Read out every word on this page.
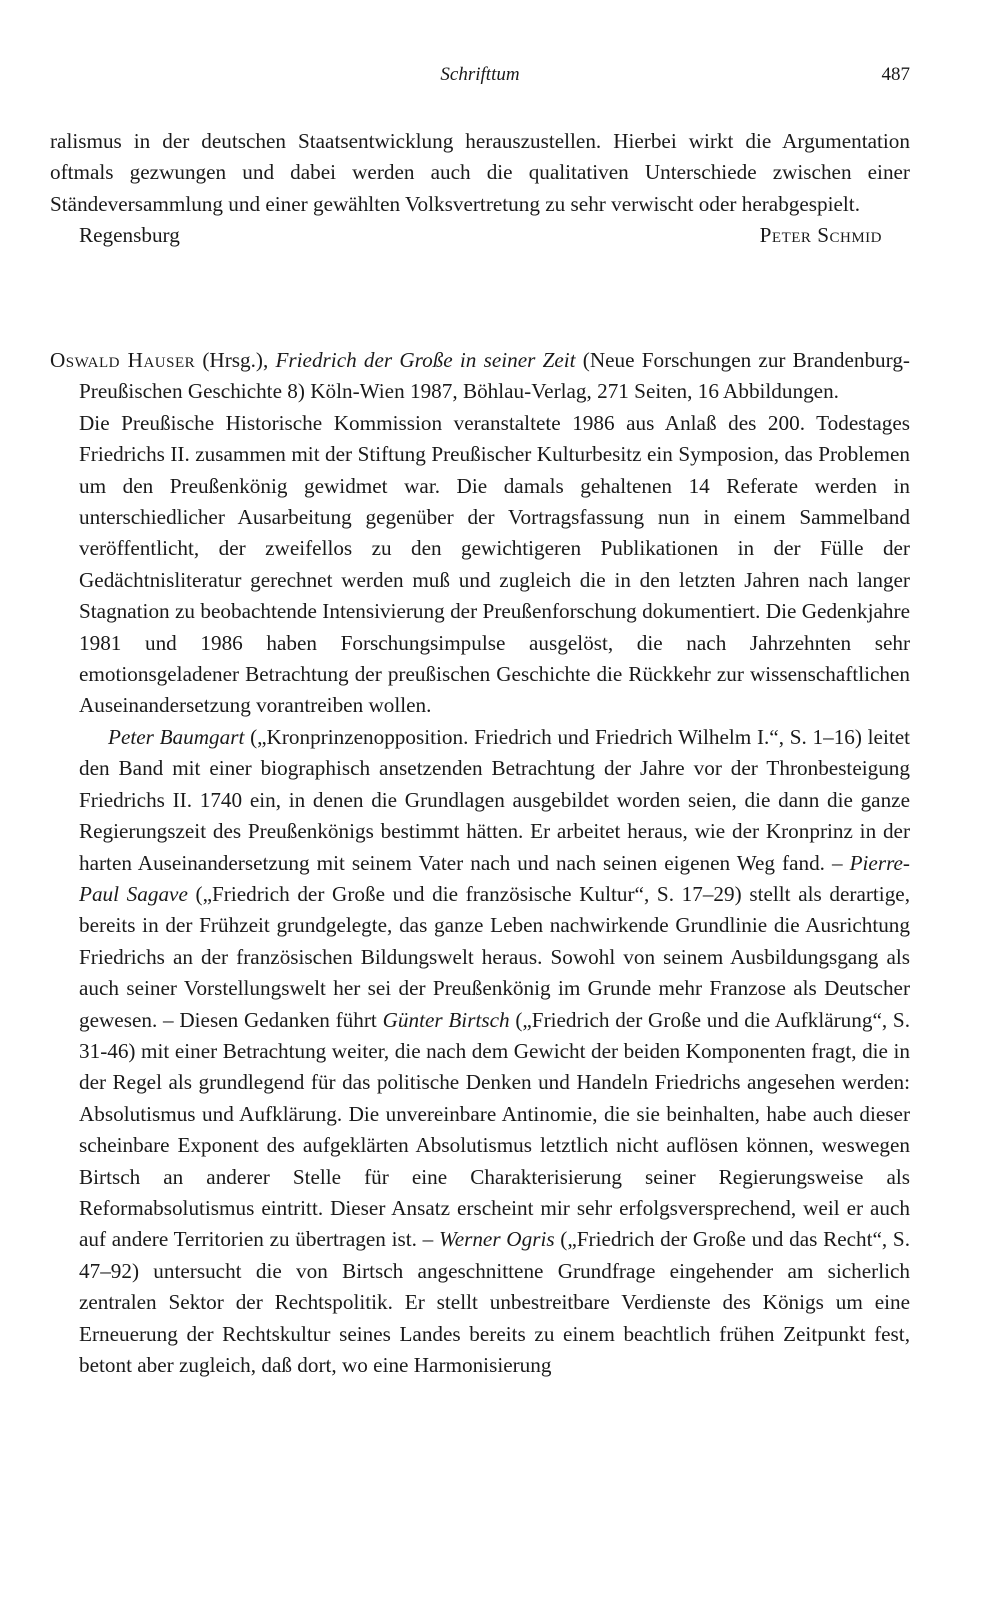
Schrifttum	487

ralismus in der deutschen Staatsentwicklung herauszustellen. Hierbei wirkt die Argumentation oftmals gezwungen und dabei werden auch die qualitativen Unterschiede zwischen einer Ständeversammlung und einer gewählten Volksvertretung zu sehr verwischt oder herabgespielt.

Regensburg	Peter Schmid

Oswald Hauser (Hrsg.), Friedrich der Große in seiner Zeit (Neue Forschungen zur Brandenburg-Preußischen Geschichte 8) Köln-Wien 1987, Böhlau-Verlag, 271 Seiten, 16 Abbildungen.

Die Preußische Historische Kommission veranstaltete 1986 aus Anlaß des 200. Todestages Friedrichs II. zusammen mit der Stiftung Preußischer Kulturbesitz ein Symposion, das Problemen um den Preußenkönig gewidmet war. Die damals gehaltenen 14 Referate werden in unterschiedlicher Ausarbeitung gegenüber der Vortragsfassung nun in einem Sammelband veröffentlicht, der zweifellos zu den gewichtigeren Publikationen in der Fülle der Gedächtnisliteratur gerechnet werden muß und zugleich die in den letzten Jahren nach langer Stagnation zu beobachtende Intensivierung der Preußenforschung dokumentiert. Die Gedenkjahre 1981 und 1986 haben Forschungsimpulse ausgelöst, die nach Jahrzehnten sehr emotionsgeladener Betrachtung der preußischen Geschichte die Rückkehr zur wissenschaftlichen Auseinandersetzung vorantreiben wollen.

Peter Baumgart („Kronprinzenopposition. Friedrich und Friedrich Wilhelm I.“, S. 1–16) leitet den Band mit einer biographisch ansetzenden Betrachtung der Jahre vor der Thronbesteigung Friedrichs II. 1740 ein, in denen die Grundlagen ausgebildet worden seien, die dann die ganze Regierungszeit des Preußenkönigs bestimmt hätten. Er arbeitet heraus, wie der Kronprinz in der harten Auseinandersetzung mit seinem Vater nach und nach seinen eigenen Weg fand. – Pierre-Paul Sagave („Friedrich der Große und die französische Kultur“, S. 17–29) stellt als derartige, bereits in der Frühzeit grundgelegte, das ganze Leben nachwirkende Grundlinie die Ausrichtung Friedrichs an der französischen Bildungswelt heraus. Sowohl von seinem Ausbildungsgang als auch seiner Vorstellungswelt her sei der Preußenkönig im Grunde mehr Franzose als Deutscher gewesen. – Diesen Gedanken führt Günter Birtsch („Friedrich der Große und die Aufklärung“, S. 31-46) mit einer Betrachtung weiter, die nach dem Gewicht der beiden Komponenten fragt, die in der Regel als grundlegend für das politische Denken und Handeln Friedrichs angesehen werden: Absolutismus und Aufklärung. Die unvereinbare Antinomie, die sie beinhalten, habe auch dieser scheinbare Exponent des aufgeklärten Absolutismus letztlich nicht auflösen können, weswegen Birtsch an anderer Stelle für eine Charakterisierung seiner Regierungsweise als Reformabsolutismus eintritt. Dieser Ansatz erscheint mir sehr erfolgsversprechend, weil er auch auf andere Territorien zu übertragen ist. – Werner Ogris („Friedrich der Große und das Recht“, S. 47–92) untersucht die von Birtsch angeschnittene Grundfrage eingehender am sicherlich zentralen Sektor der Rechtspolitik. Er stellt unbestreitbare Verdienste des Königs um eine Erneuerung der Rechtskultur seines Landes bereits zu einem beachtlich frühen Zeitpunkt fest, betont aber zugleich, daß dort, wo eine Harmonisierung
